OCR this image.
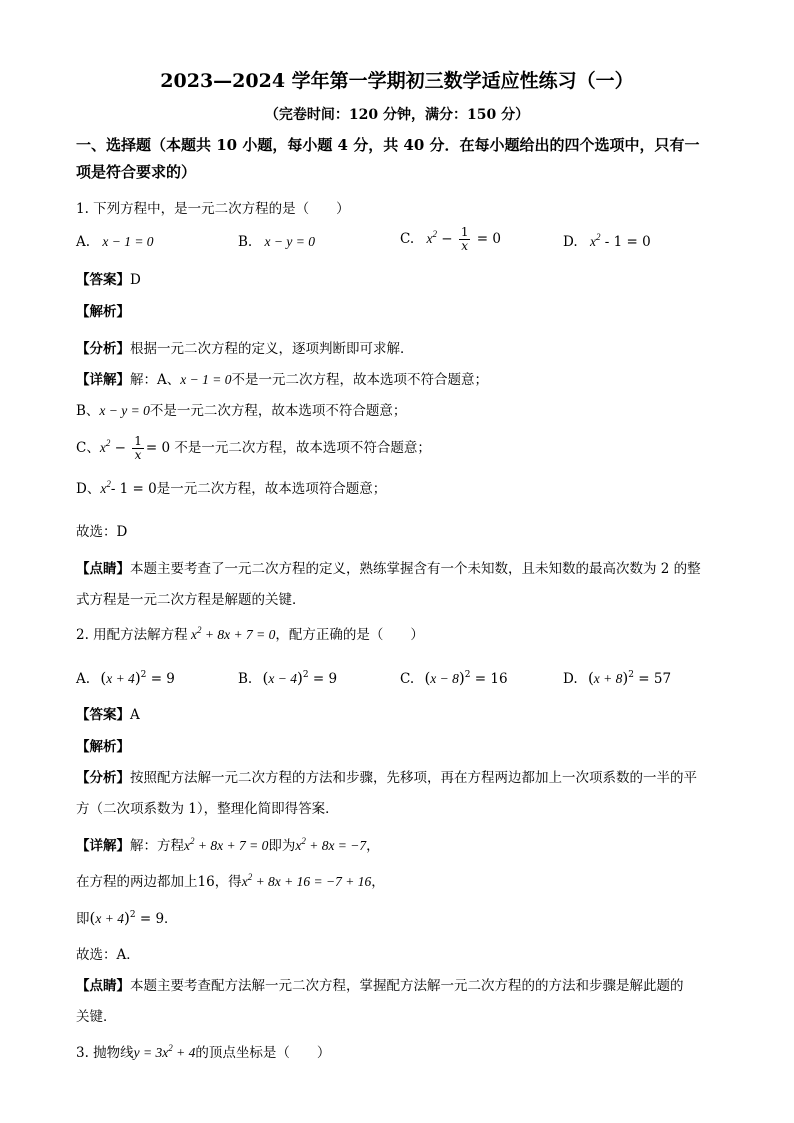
2023—2024 学年第一学期初三数学适应性练习（一）
（完卷时间：120 分钟，满分：150 分）
一、选择题（本题共 10 小题，每小题 4 分，共 40 分．在每小题给出的四个选项中，只有一
项是符合要求的）
1. 下列方程中，是一元二次方程的是（　　）
A. x − 1 = 0	B. x − y = 0	C. $x^2 - \frac{1}{x} = 0$	D. $x^2 - 1 = 0$
【答案】D
【解析】
【分析】根据一元二次方程的定义，逐项判断即可求解．
【详解】解：A、x − 1 = 0不是一元二次方程，故本选项不符合题意；
B、x − y = 0不是一元二次方程，故本选项不符合题意；
C、$x^2 - \frac{1}{x} = 0$ 不是一元二次方程，故本选项不符合题意；
D、$x^2-$ 1 = 0是一元二次方程，故本选项符合题意；
故选：D
【点睛】本题主要考查了一元二次方程的定义，熟练掌握含有一个未知数，且未知数的最高次数为 2 的整
式方程是一元二次方程是解题的关键．
2. 用配方法解方程 $x^2 + 8x + 7 = 0$，配方正确的是（　　）
A. $(x + 4)^2 = 9$	B. $(x - 4)^2 = 9$	C. $(x - 8)^2 = 16$	D. $(x + 8)^2 = 57$
【答案】A
【解析】
【分析】按照配方法解一元二次方程的方法和步骤，先移项，再在方程两边都加上一次项系数的一半的平
方（二次项系数为 1），整理化简即得答案．
【详解】解：方程$x^2 + 8x + 7 = 0$即为$x^2 + 8x = -7$，
在方程的两边都加上16，得$x^2 + 8x + 16 = -7 + 16$，
即$(x + 4)^2 = 9$．
故选：A．
【点睛】本题主要考查配方法解一元二次方程，掌握配方法解一元二次方程的的方法和步骤是解此题的
关键．
3. 抛物线$y = 3x^2 + 4$的顶点坐标是（　　）
